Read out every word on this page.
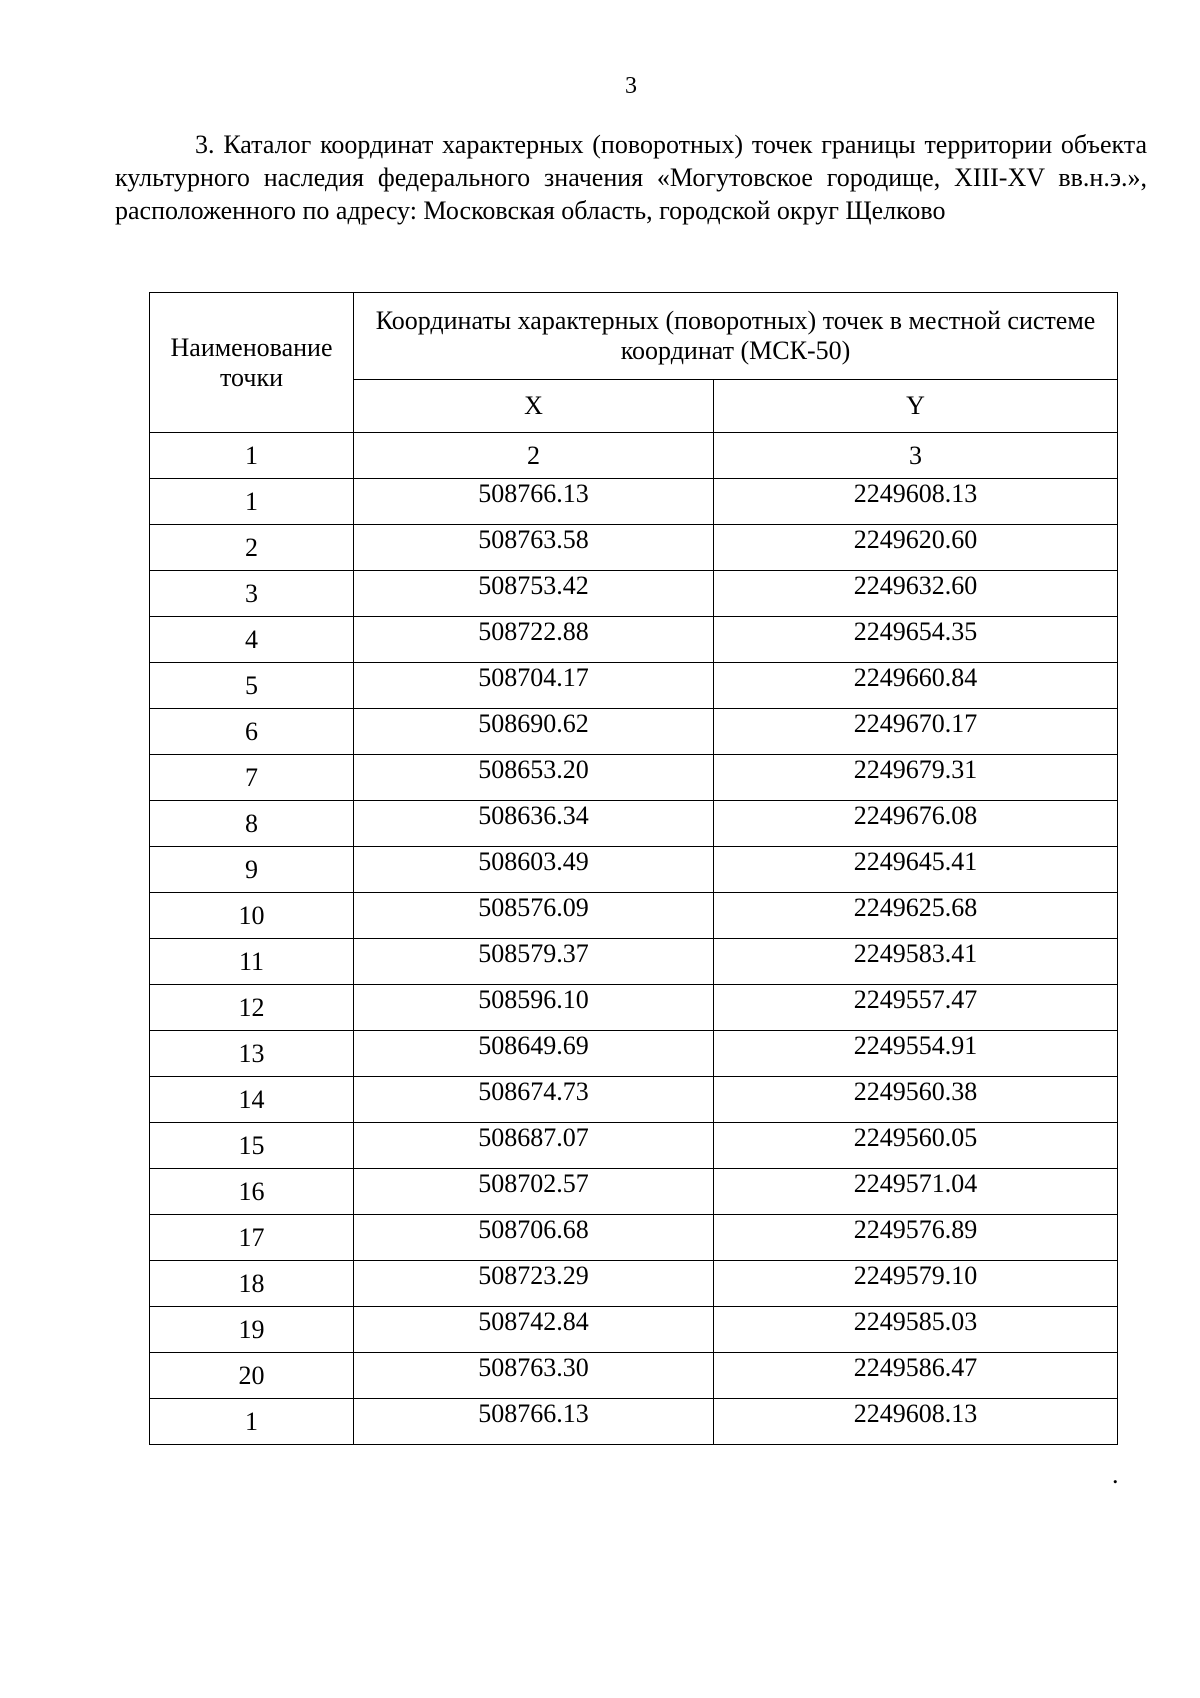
3
3. Каталог координат характерных (поворотных) точек границы территории объекта культурного наследия федерального значения «Могутовское городище, XIII-XV вв.н.э.», расположенного по адресу: Московская область, городской округ Щелково
Наименование точки	Координаты характерных (поворотных) точек в местной системе координат (МСК-50)	
	X	Y
1	2	3
1	508766.13	2249608.13
2	508763.58	2249620.60
3	508753.42	2249632.60
4	508722.88	2249654.35
5	508704.17	2249660.84
6	508690.62	2249670.17
7	508653.20	2249679.31
8	508636.34	2249676.08
9	508603.49	2249645.41
10	508576.09	2249625.68
11	508579.37	2249583.41
12	508596.10	2249557.47
13	508649.69	2249554.91
14	508674.73	2249560.38
15	508687.07	2249560.05
16	508702.57	2249571.04
17	508706.68	2249576.89
18	508723.29	2249579.10
19	508742.84	2249585.03
20	508763.30	2249586.47
1	508766.13	2249608.13
.
